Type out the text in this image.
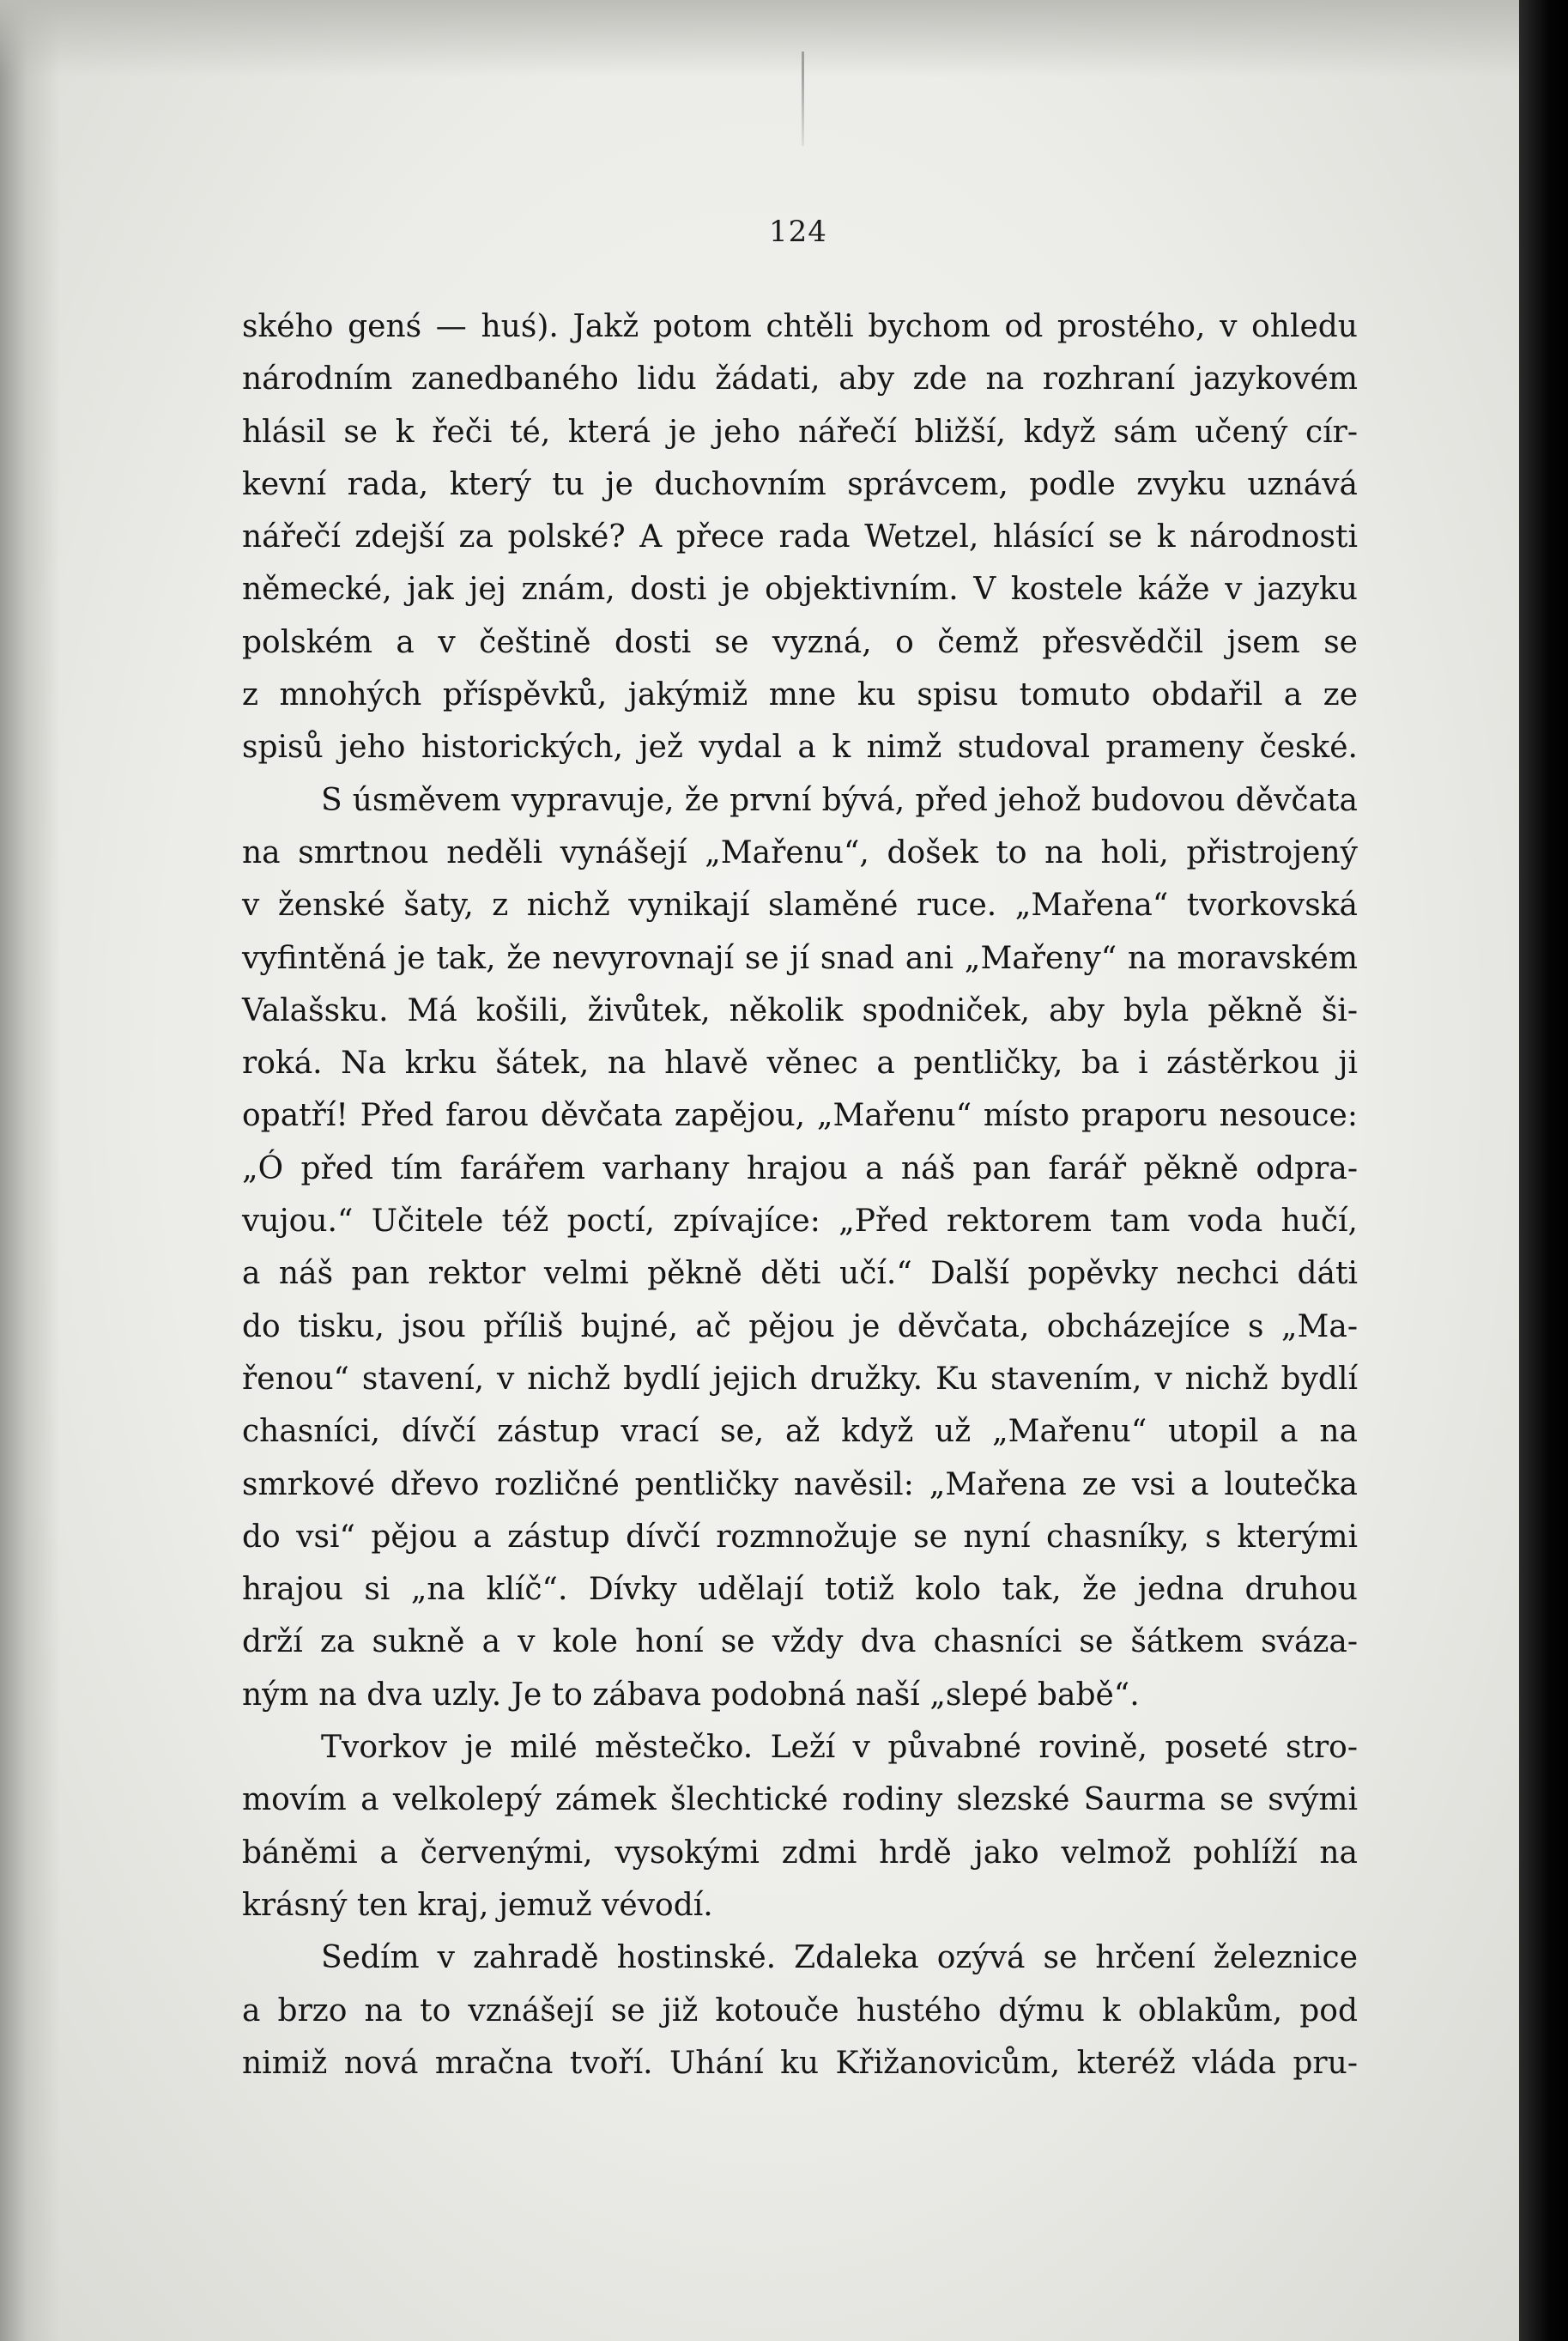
124
ského genś — huś). Jakž potom chtěli bychom od prostého, v ohledu
národním zanedbaného lidu žádati, aby zde na rozhraní jazykovém
hlásil se k řeči té, která je jeho nářečí bližší, když sám učený cír-
kevní rada, který tu je duchovním správcem, podle zvyku uznává
nářečí zdejší za polské? A přece rada Wetzel, hlásící se k národnosti
německé, jak jej znám, dosti je objektivním. V kostele káže v jazyku
polském a v češtině dosti se vyzná, o čemž přesvědčil jsem se
z mnohých příspěvků, jakýmiž mne ku spisu tomuto obdařil a ze
spisů jeho historických, jež vydal a k nimž studoval prameny české.
S úsměvem vypravuje, že první bývá, před jehož budovou děvčata
na smrtnou neděli vynášejí „Mařenu“, došek to na holi, přistrojený
v ženské šaty, z nichž vynikají slaměné ruce. „Mařena“ tvorkovská
vyfintěná je tak, že nevyrovnají se jí snad ani „Mařeny“ na moravském
Valašsku. Má košili, živůtek, několik spodniček, aby byla pěkně ši-
roká. Na krku šátek, na hlavě věnec a pentličky, ba i zástěrkou ji
opatří! Před farou děvčata zapějou, „Mařenu“ místo praporu nesouce:
„Ó před tím farářem varhany hrajou a náš pan farář pěkně odpra-
vujou.“ Učitele též poctí, zpívajíce: „Před rektorem tam voda hučí,
a náš pan rektor velmi pěkně děti učí.“ Další popěvky nechci dáti
do tisku, jsou příliš bujné, ač pějou je děvčata, obcházejíce s „Ma-
řenou“ stavení, v nichž bydlí jejich družky. Ku stavením, v nichž bydlí
chasníci, dívčí zástup vrací se, až když už „Mařenu“ utopil a na
smrkové dřevo rozličné pentličky navěsil: „Mařena ze vsi a loutečka
do vsi“ pějou a zástup dívčí rozmnožuje se nyní chasníky, s kterými
hrajou si „na klíč“. Dívky udělají totiž kolo tak, že jedna druhou
drží za sukně a v kole honí se vždy dva chasníci se šátkem sváza-
ným na dva uzly. Je to zábava podobná naší „slepé babě“.
Tvorkov je milé městečko. Leží v půvabné rovině, poseté stro-
movím a velkolepý zámek šlechtické rodiny slezské Saurma se svými
báněmi a červenými, vysokými zdmi hrdě jako velmož pohlíží na
krásný ten kraj, jemuž vévodí.
Sedím v zahradě hostinské. Zdaleka ozývá se hrčení železnice
a brzo na to vznášejí se již kotouče hustého dýmu k oblakům, pod
nimiž nová mračna tvoří. Uhání ku Křižanovicům, kteréž vláda pru-
